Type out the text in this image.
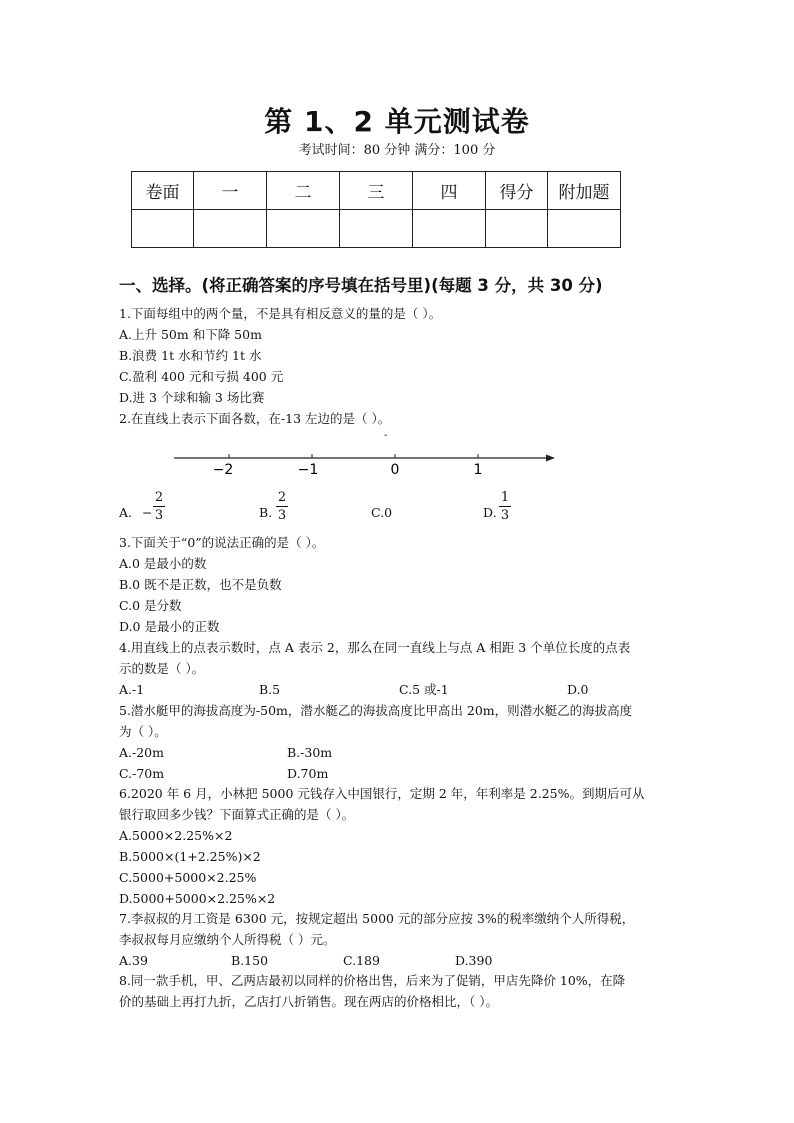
第 1、2 单元测试卷
考试时间：80 分钟 满分：100 分
卷面	一	二	三	四	得分	附加题

一、选择。(将正确答案的序号填在括号里)(每题 3 分，共 30 分)
1.下面每组中的两个量，不是具有相反意义的量的是（ ）。
A.上升 50m 和下降 50m
B.浪费 1t 水和节约 1t 水
C.盈利 400 元和亏损 400 元
D.进 3 个球和输 3 场比赛
2.在直线上表示下面各数，在-13 左边的是（ ）。
-
−2	−1	0	1
A. −
2
3	B.
2
3	C.0	D.
1
3
3.下面关于“0”的说法正确的是（ ）。
A.0 是最小的数
B.0 既不是正数，也不是负数
C.0 是分数
D.0 是最小的正数
4.用直线上的点表示数时，点 A 表示 2，那么在同一直线上与点 A 相距 3 个单位长度的点表
示的数是（ ）。
A.-1	B.5	C.5 或-1	D.0
5.潜水艇甲的海拔高度为-50m，潜水艇乙的海拔高度比甲高出 20m，则潜水艇乙的海拔高度
为（ ）。
A.-20m	B.-30m
C.-70m	D.70m
6.2020 年 6 月，小林把 5000 元钱存入中国银行，定期 2 年，年利率是 2.25%。到期后可从
银行取回多少钱？下面算式正确的是（ ）。
A.5000×2.25%×2
B.5000×(1+2.25%)×2
C.5000+5000×2.25%
D.5000+5000×2.25%×2
7.李叔叔的月工资是 6300 元，按规定超出 5000 元的部分应按 3%的税率缴纳个人所得税，
李叔叔每月应缴纳个人所得税（ ）元。
A.39	B.150	C.189	D.390
8.同一款手机，甲、乙两店最初以同样的价格出售，后来为了促销，甲店先降价 10%，在降
价的基础上再打九折，乙店打八折销售。现在两店的价格相比，（ ）。
